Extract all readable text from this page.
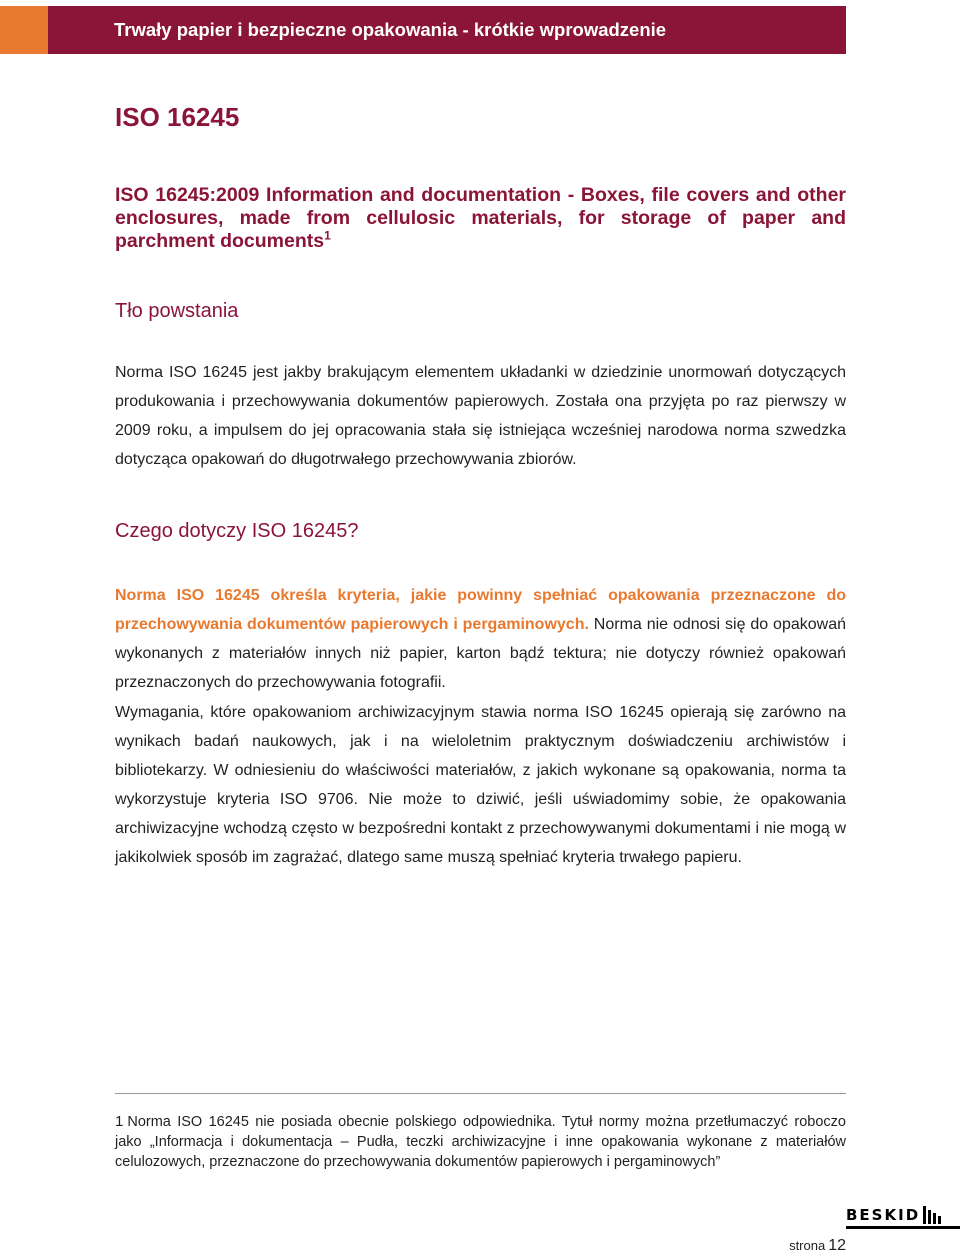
Trwały papier i bezpieczne opakowania - krótkie wprowadzenie
ISO 16245

ISO 16245:2009 Information and documentation - Boxes, file covers and other enclosures, made from cellulosic materials, for storage of paper and parchment documents$^1$

Tło powstania

Norma ISO 16245 jest jakby brakującym elementem układanki w dziedzinie unormowań dotyczących produkowania i przechowywania dokumentów papierowych. Została ona przyjęta po raz pierwszy w 2009 roku, a impulsem do jej opracowania stała się istniejąca wcześniej narodowa norma szwedzka dotycząca opakowań do długotrwałego przechowywania zbiorów.

Czego dotyczy ISO 16245?

Norma ISO 16245 określa kryteria, jakie powinny spełniać opakowania przeznaczone do przechowywania dokumentów papierowych i pergaminowych. Norma nie odnosi się do opakowań wykonanych z materiałów innych niż papier, karton bądź tektura; nie dotyczy również opakowań przeznaczonych do przechowywania fotografii.

Wymagania, które opakowaniom archiwizacyjnym stawia norma ISO 16245 opierają się zarówno na wynikach badań naukowych, jak i na wieloletnim praktycznym doświadczeniu archiwistów i bibliotekarzy. W odniesieniu do właściwości materiałów, z jakich wykonane są opakowania, norma ta wykorzystuje kryteria ISO 9706. Nie może to dziwić, jeśli uświadomimy sobie, że opakowania archiwizacyjne wchodzą często w bezpośredni kontakt z przechowywanymi dokumentami i nie mogą w jakikolwiek sposób im zagrażać, dlatego same muszą spełniać kryteria trwałego papieru.

1 Norma ISO 16245 nie posiada obecnie polskiego odpowiednika. Tytuł normy można przetłumaczyć roboczo jako „Informacja i dokumentacja – Pudła, teczki archiwizacyjne i inne opakowania wykonane z materiałów celulozowych, przeznaczone do przechowywania dokumentów papierowych i pergaminowych”

BESKID
strona 12
